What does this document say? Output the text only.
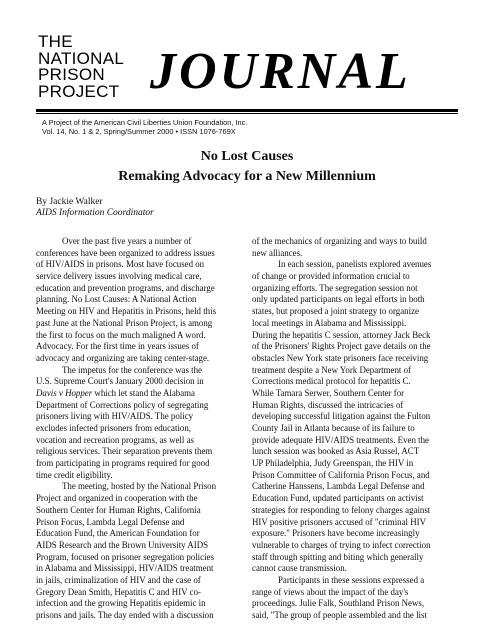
THE
NATIONAL
PRISON
PROJECT JOURNAL
A Project of the American Civil Liberties Union Foundation, Inc.
Vol. 14, No. 1 & 2, Spring/Summer 2000 • ISSN 1076-769X
No Lost Causes
Remaking Advocacy for a New Millennium
By Jackie Walker
AIDS Information Coordinator
Over the past five years a number of
conferences have been organized to address issues
of HIV/AIDS in prisons. Most have focused on
service delivery issues involving medical care,
education and prevention programs, and discharge
planning. No Lost Causes: A National Action
Meeting on HIV and Hepatitis in Prisons, held this
past June at the National Prison Project, is among
the first to focus on the much maligned A word.
Advocacy. For the first time in years issues of
advocacy and organizing are taking center-stage.
The impetus for the conference was the
U.S. Supreme Court's January 2000 decision in
Davis v Hopper which let stand the Alabama
Department of Corrections policy of segregating
prisoners living with HIV/AIDS. The policy
excludes infected prisoners from education,
vocation and recreation programs, as well as
religious services. Their separation prevents them
from participating in programs required for good
time credit eligibility.
The meeting, hosted by the National Prison
Project and organized in cooperation with the
Southern Center for Human Rights, California
Prison Focus, Lambda Legal Defense and
Education Fund, the American Foundation for
AIDS Research and the Brown University AIDS
Program, focused on prisoner segregation policies
in Alabama and Mississippi, HIV/AIDS treatment
in jails, criminalization of HIV and the case of
Gregory Dean Smith, Hepatitis C and HIV co-
infection and the growing Hepatitis epidemic in
prisons and jails. The day ended with a discussion
of the mechanics of organizing and ways to build
new alliances.
In each session, panelists explored avenues
of change or provided information crucial to
organizing efforts. The segregation session not
only updated participants on legal efforts in both
states, but proposed a joint strategy to organize
local meetings in Alabama and Mississippi.
During the hepatitis C session, attorney Jack Beck
of the Prisoners' Rights Project gave details on the
obstacles New York state prisoners face receiving
treatment despite a New York Department of
Corrections medical protocol for hepatitis C.
While Tamara Serwer, Southern Center for
Human Rights, discussed the intricacies of
developing successful litigation against the Fulton
County Jail in Atlanta because of its failure to
provide adequate HIV/AIDS treatments. Even the
lunch session was booked as Asia Russel, ACT
UP Philadelphia, Judy Greenspan, the HIV in
Prison Committee of California Prison Focus, and
Catherine Hanssens, Lambda Legal Defense and
Education Fund, updated participants on activist
strategies for responding to felony charges against
HIV positive prisoners accused of "criminal HIV
exposure." Prisoners have become increasingly
vulnerable to charges of trying to infect correction
staff through spitting and biting which generally
cannot cause transmission.
Participants in these sessions expressed a
range of views about the impact of the day's
proceedings. Julie Falk, Southland Prison News,
said, "The group of people assembled and the list
